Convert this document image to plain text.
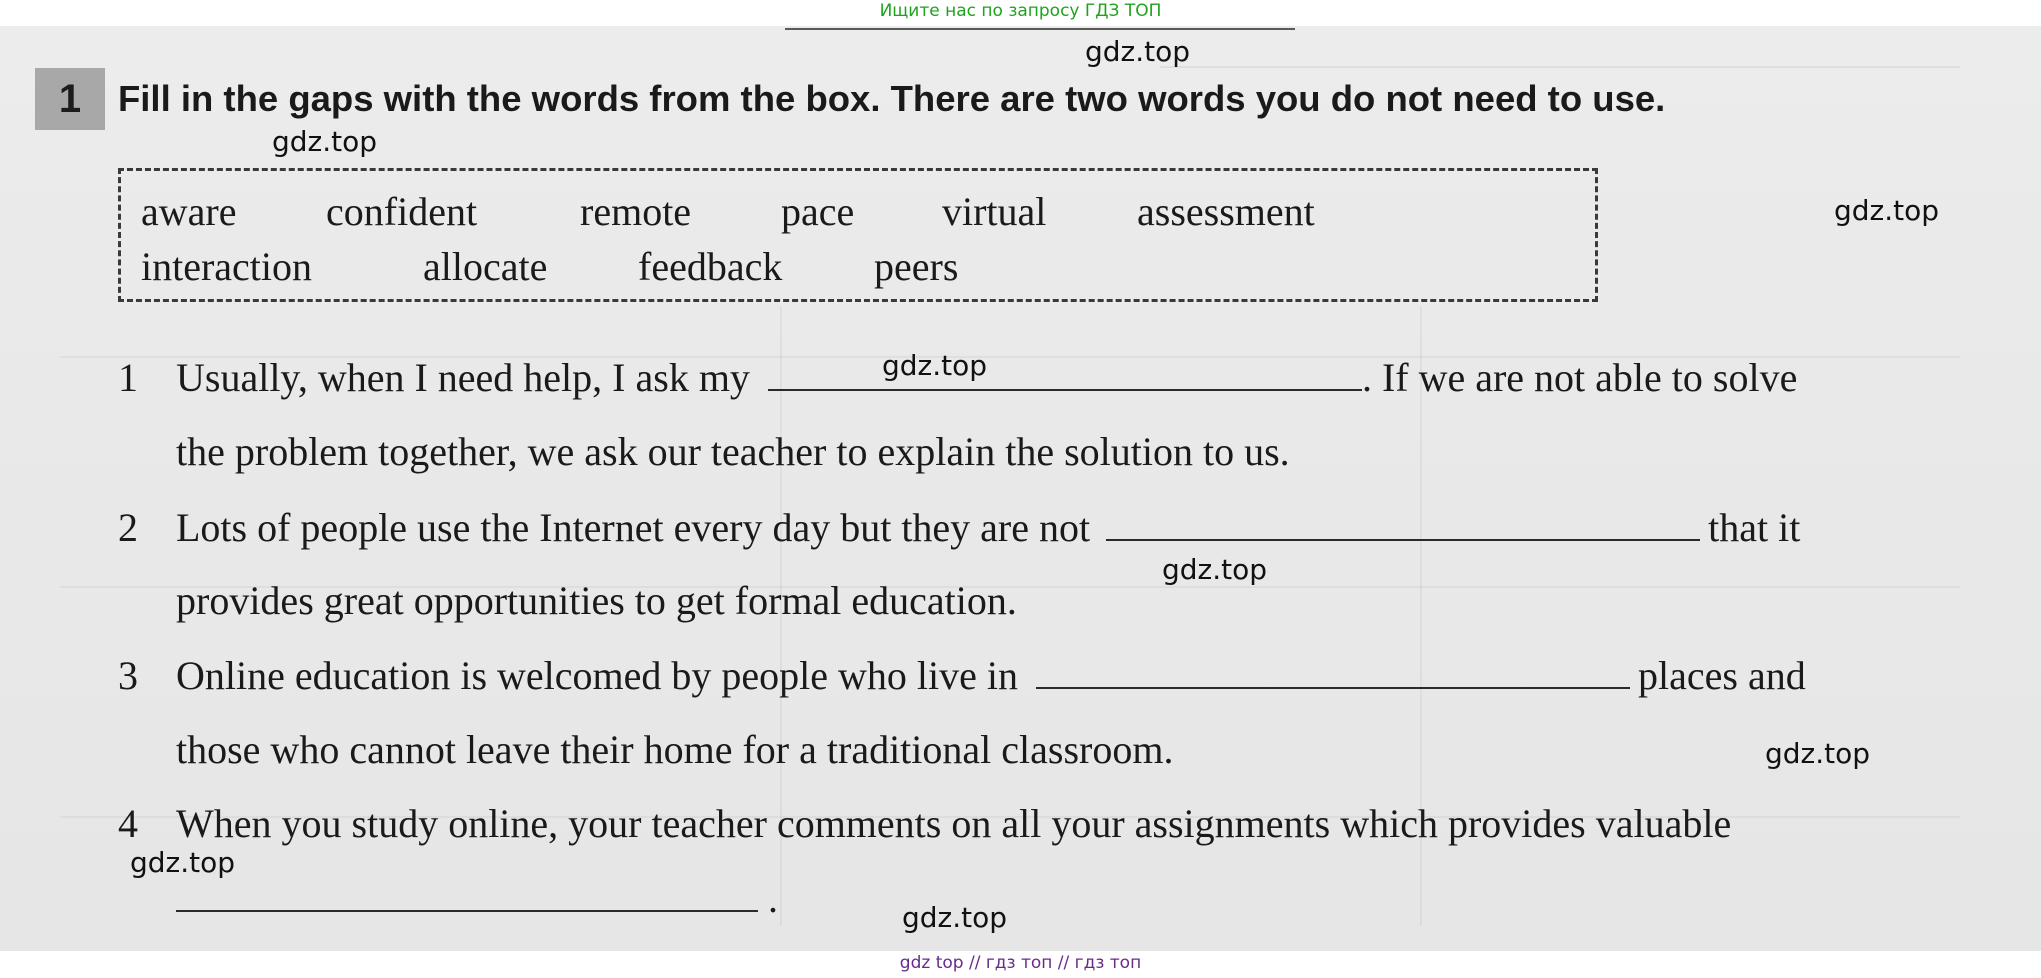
Ищите нас по запросу ГДЗ ТОП
1	Fill in the gaps with the words from the box. There are two words you do not need to use.
aware confident	remote pace virtual assessment
interaction	allocate feedback peers
1 Usually, when I need help, I ask my	. If we are not able to solve
the problem together, we ask our teacher to explain the solution to us.
2 Lots of people use the Internet every day but they are not	that it
provides great opportunities to get formal education.
3 Online education is welcomed by people who live in	places and
those who cannot leave their home for a traditional classroom.
4 When you study online, your teacher comments on all your assignments which provides valuable
.
gdz.top
gdz.top
gdz.top
gdz.top
gdz.top
gdz.top
gdz.top
gdz.top
gdz top // гдз топ // гдз топ
